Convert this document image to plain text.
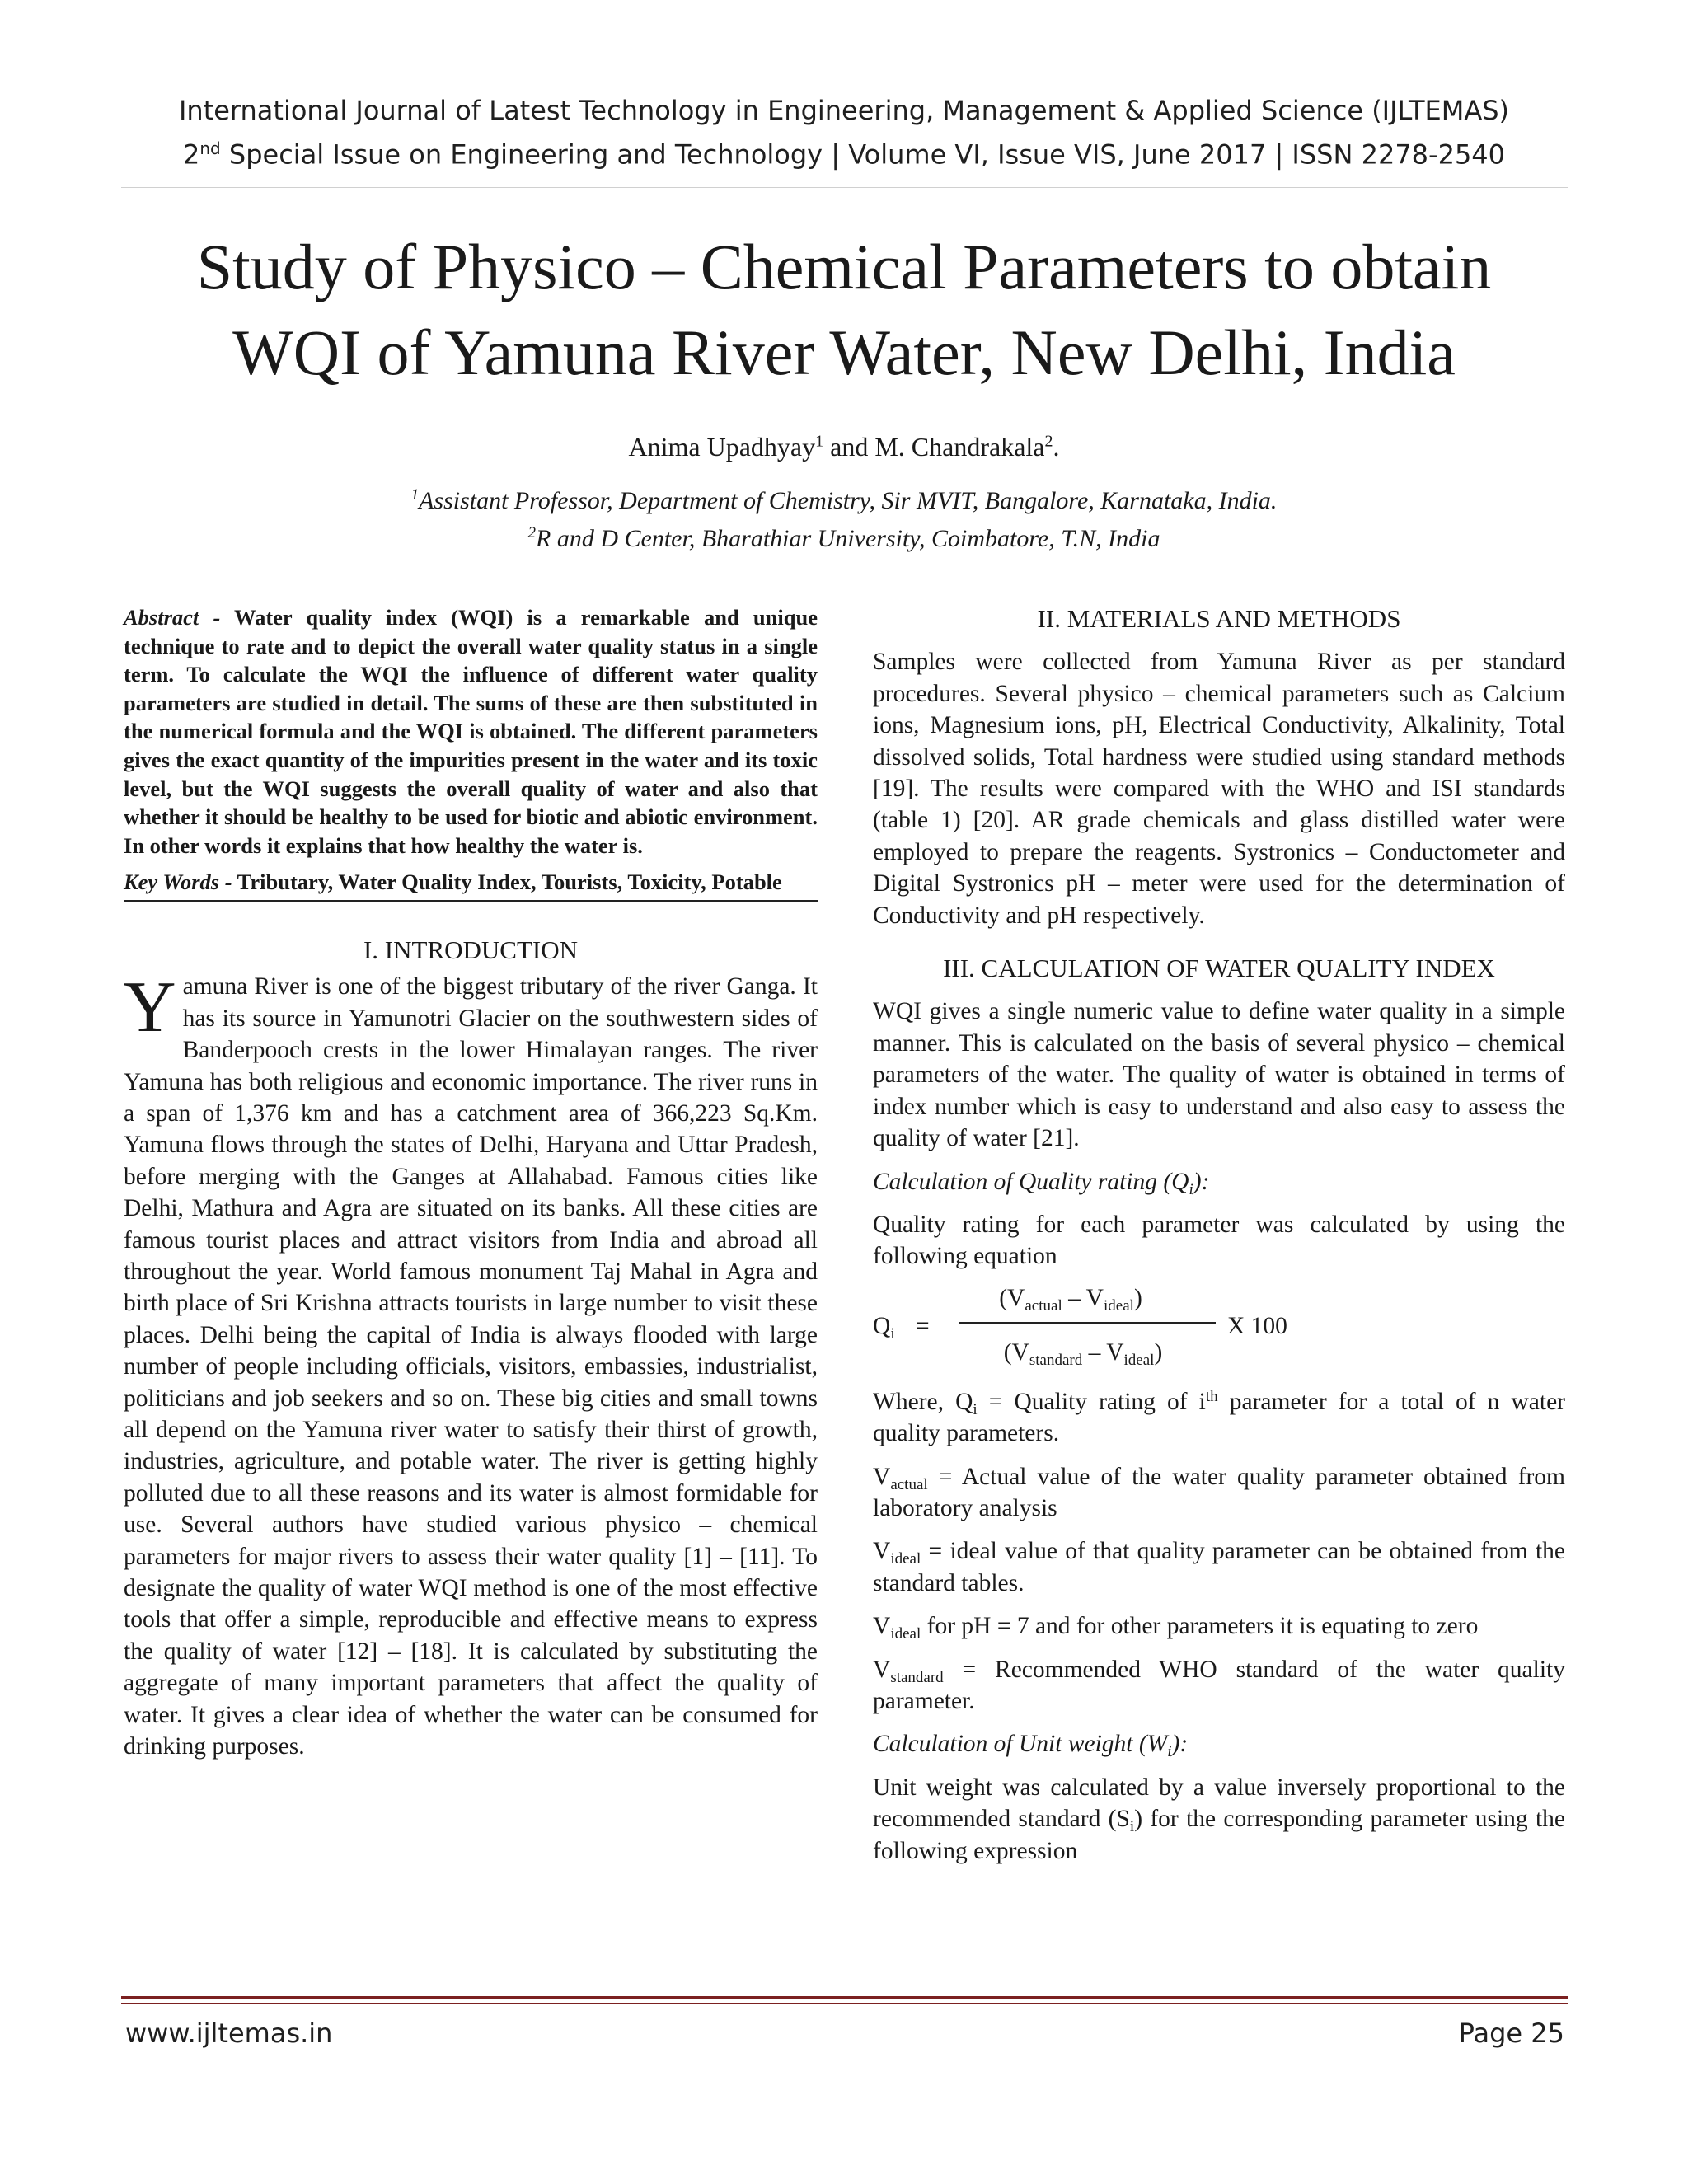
International Journal of Latest Technology in Engineering, Management & Applied Science (IJLTEMAS)
2nd Special Issue on Engineering and Technology | Volume VI, Issue VIS, June 2017 | ISSN 2278-2540
Study of Physico – Chemical Parameters to obtain
WQI of Yamuna River Water, New Delhi, India
Anima Upadhyay$^1$ and M. Chandrakala$^2$.
$^1$Assistant Professor, Department of Chemistry, Sir MVIT, Bangalore, Karnataka, India.
$^2$R and D Center, Bharathiar University, Coimbatore, T.N, India

Abstract - Water quality index (WQI) is a remarkable and unique technique to rate and to depict the overall water quality status in a single term. To calculate the WQI the influence of different water quality parameters are studied in detail. The sums of these are then substituted in the numerical formula and the WQI is obtained. The different parameters gives the exact quantity of the impurities present in the water and its toxic level, but the WQI suggests the overall quality of water and also that whether it should be healthy to be used for biotic and abiotic environment. In other words it explains that how healthy the water is.

Key Words - Tributary, Water Quality Index, Tourists, Toxicity, Potable

I. INTRODUCTION

Yamuna River is one of the biggest tributary of the river Ganga. It has its source in Yamunotri Glacier on the southwestern sides of Banderpooch crests in the lower Himalayan ranges. The river Yamuna has both religious and economic importance. The river runs in a span of 1,376 km and has a catchment area of 366,223 Sq.Km. Yamuna flows through the states of Delhi, Haryana and Uttar Pradesh, before merging with the Ganges at Allahabad. Famous cities like Delhi, Mathura and Agra are situated on its banks. All these cities are famous tourist places and attract visitors from India and abroad all throughout the year. World famous monument Taj Mahal in Agra and birth place of Sri Krishna attracts tourists in large number to visit these places. Delhi being the capital of India is always flooded with large number of people including officials, visitors, embassies, industrialist, politicians and job seekers and so on. These big cities and small towns all depend on the Yamuna river water to satisfy their thirst of growth, industries, agriculture, and potable water. The river is getting highly polluted due to all these reasons and its water is almost formidable for use. Several authors have studied various physico – chemical parameters for major rivers to assess their water quality [1] – [11]. To designate the quality of water WQI method is one of the most effective tools that offer a simple, reproducible and effective means to express the quality of water [12] – [18]. It is calculated by substituting the aggregate of many important parameters that affect the quality of water. It gives a clear idea of whether the water can be consumed for drinking purposes.

II. MATERIALS AND METHODS

Samples were collected from Yamuna River as per standard procedures. Several physico – chemical parameters such as Calcium ions, Magnesium ions, pH, Electrical Conductivity, Alkalinity, Total dissolved solids, Total hardness were studied using standard methods [19]. The results were compared with the WHO and ISI standards (table 1) [20]. AR grade chemicals and glass distilled water were employed to prepare the reagents. Systronics – Conductometer and Digital Systronics pH – meter were used for the determination of Conductivity and pH respectively.

III. CALCULATION OF WATER QUALITY INDEX

WQI gives a single numeric value to define water quality in a simple manner. This is calculated on the basis of several physico – chemical parameters of the water. The quality of water is obtained in terms of index number which is easy to understand and also easy to assess the quality of water [21].

Calculation of Quality rating $(Q_i)$:

Quality rating for each parameter was calculated by using the following equation

$Q_i$ =
$(V_{actual} - V_{ideal})$
$(V_{standard} - V_{ideal})$
X 100

Where, $Q_i$ = Quality rating of $i^{th}$ parameter for a total of n water quality parameters.

$V_{actual}$ = Actual value of the water quality parameter obtained from laboratory analysis

$V_{ideal}$ = ideal value of that quality parameter can be obtained from the standard tables.

$V_{ideal}$ for pH = 7 and for other parameters it is equating to zero

$V_{standard}$ = Recommended WHO standard of the water quality parameter.

Calculation of Unit weight $(W_i)$:

Unit weight was calculated by a value inversely proportional to the recommended standard $(S_i)$ for the corresponding parameter using the following expression

www.ijltemas.in	Page 25
